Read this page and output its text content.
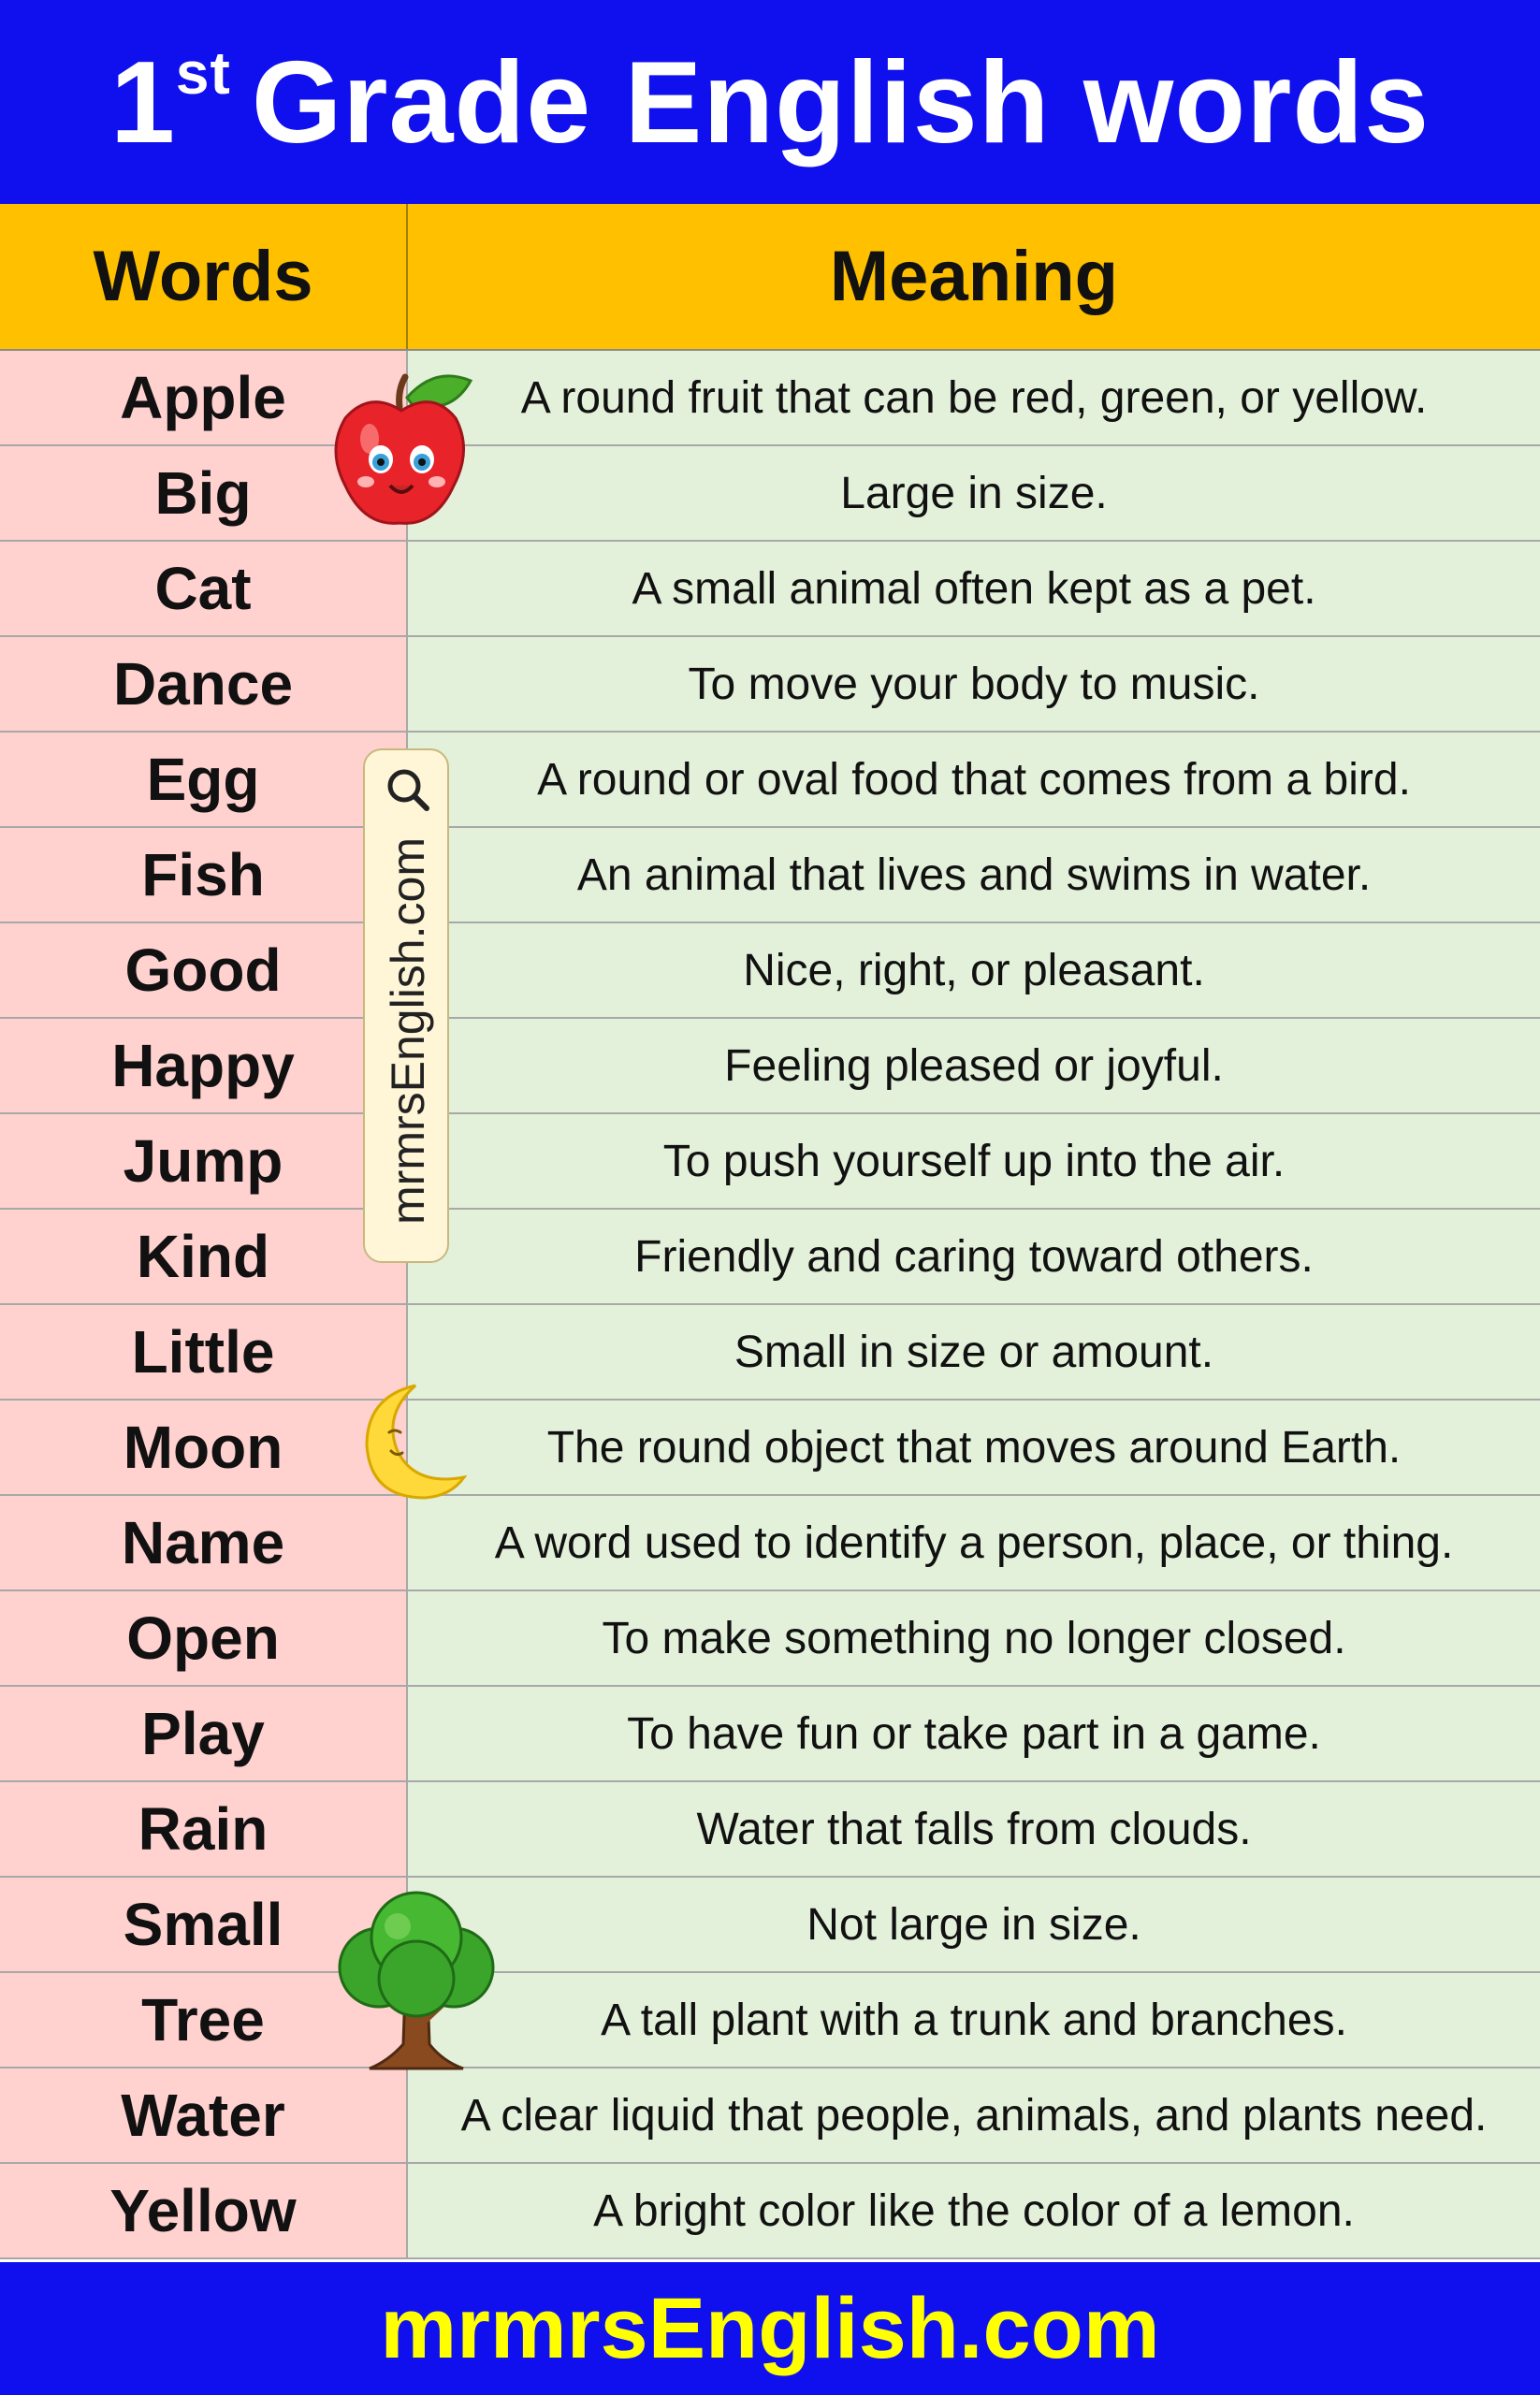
1st Grade English words
Words	Meaning
Apple	A round fruit that can be red, green, or yellow.
Big	Large in size.
Cat	A small animal often kept as a pet.
Dance	To move your body to music.
Egg	A round or oval food that comes from a bird.
Fish	An animal that lives and swims in water.
Good	Nice, right, or pleasant.
Happy	Feeling pleased or joyful.
Jump	To push yourself up into the air.
Kind	Friendly and caring toward others.
Little	Small in size or amount.
Moon	The round object that moves around Earth.
Name	A word used to identify a person, place, or thing.
Open	To make something no longer closed.
Play	To have fun or take part in a game.
Rain	Water that falls from clouds.
Small	Not large in size.
Tree	A tall plant with a trunk and branches.
Water	A clear liquid that people, animals, and plants need.
Yellow	A bright color like the color of a lemon.
mrmrsEnglish.com
mrmrsEnglish.com
